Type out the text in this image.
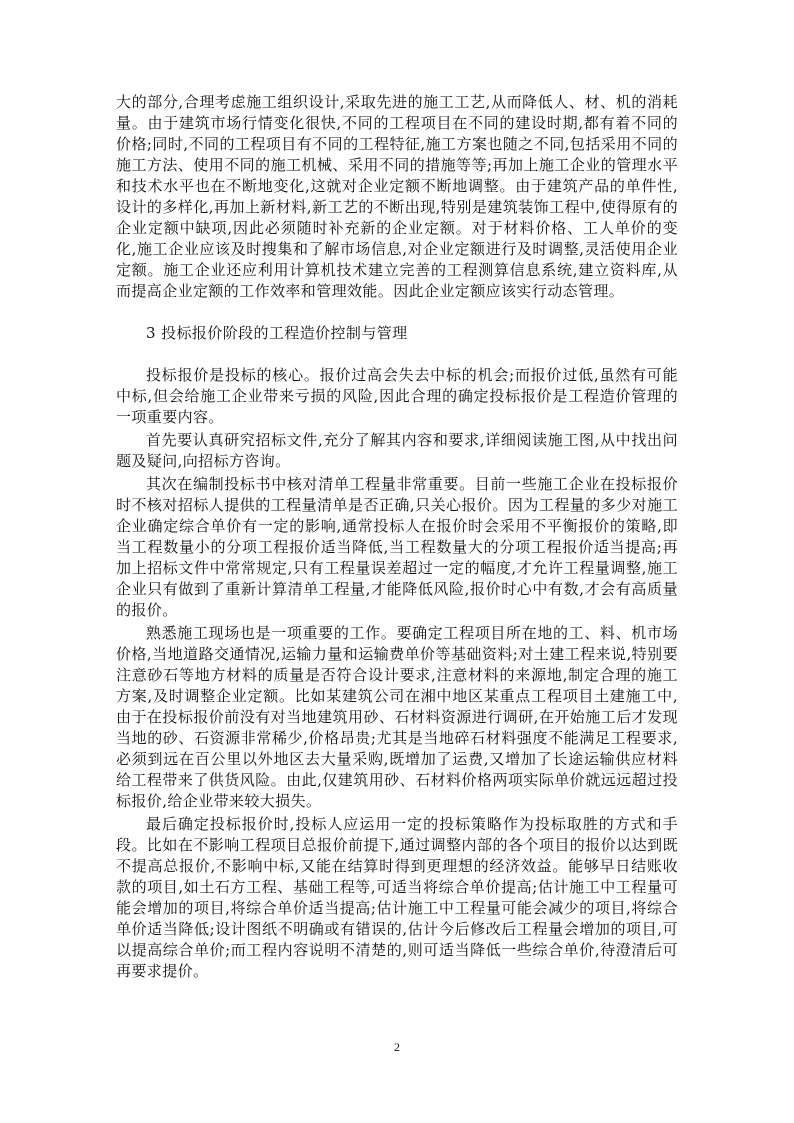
大的部分,合理考虑施工组织设计,采取先进的施工工艺,从而降低人、材、机的消耗量。由于建筑市场行情变化很快,不同的工程项目在不同的建设时期,都有着不同的价格;同时,不同的工程项目有不同的工程特征,施工方案也随之不同,包括采用不同的施工方法、使用不同的施工机械、采用不同的措施等等;再加上施工企业的管理水平和技术水平也在不断地变化,这就对企业定额不断地调整。由于建筑产品的单件性,设计的多样化,再加上新材料,新工艺的不断出现,特别是建筑装饰工程中,使得原有的企业定额中缺项,因此必须随时补充新的企业定额。对于材料价格、工人单价的变化,施工企业应该及时搜集和了解市场信息,对企业定额进行及时调整,灵活使用企业定额。施工企业还应利用计算机技术建立完善的工程测算信息系统,建立资料库,从而提高企业定额的工作效率和管理效能。因此企业定额应该实行动态管理。

3 投标报价阶段的工程造价控制与管理

投标报价是投标的核心。报价过高会失去中标的机会;而报价过低,虽然有可能中标,但会给施工企业带来亏损的风险,因此合理的确定投标报价是工程造价管理的一项重要内容。

首先要认真研究招标文件,充分了解其内容和要求,详细阅读施工图,从中找出问题及疑问,向招标方咨询。

其次在编制投标书中核对清单工程量非常重要。目前一些施工企业在投标报价时不核对招标人提供的工程量清单是否正确,只关心报价。因为工程量的多少对施工企业确定综合单价有一定的影响,通常投标人在报价时会采用不平衡报价的策略,即当工程数量小的分项工程报价适当降低,当工程数量大的分项工程报价适当提高;再加上招标文件中常常规定,只有工程量误差超过一定的幅度,才允许工程量调整,施工企业只有做到了重新计算清单工程量,才能降低风险,报价时心中有数,才会有高质量的报价。

熟悉施工现场也是一项重要的工作。要确定工程项目所在地的工、料、机市场价格,当地道路交通情况,运输力量和运输费单价等基础资料;对土建工程来说,特别要注意砂石等地方材料的质量是否符合设计要求,注意材料的来源地,制定合理的施工方案,及时调整企业定额。比如某建筑公司在湘中地区某重点工程项目土建施工中,由于在投标报价前没有对当地建筑用砂、石材料资源进行调研,在开始施工后才发现当地的砂、石资源非常稀少,价格昂贵;尤其是当地碎石材料强度不能满足工程要求,必须到远在百公里以外地区去大量采购,既增加了运费,又增加了长途运输供应材料给工程带来了供货风险。由此,仅建筑用砂、石材料价格两项实际单价就远远超过投标报价,给企业带来较大损失。

最后确定投标报价时,投标人应运用一定的投标策略作为投标取胜的方式和手段。比如在不影响工程项目总报价前提下,通过调整内部的各个项目的报价以达到既不提高总报价,不影响中标,又能在结算时得到更理想的经济效益。能够早日结账收款的项目,如土石方工程、基础工程等,可适当将综合单价提高;估计施工中工程量可能会增加的项目,将综合单价适当提高;估计施工中工程量可能会减少的项目,将综合单价适当降低;设计图纸不明确或有错误的,估计今后修改后工程量会增加的项目,可以提高综合单价;而工程内容说明不清楚的,则可适当降低一些综合单价,待澄清后可再要求提价。

2
